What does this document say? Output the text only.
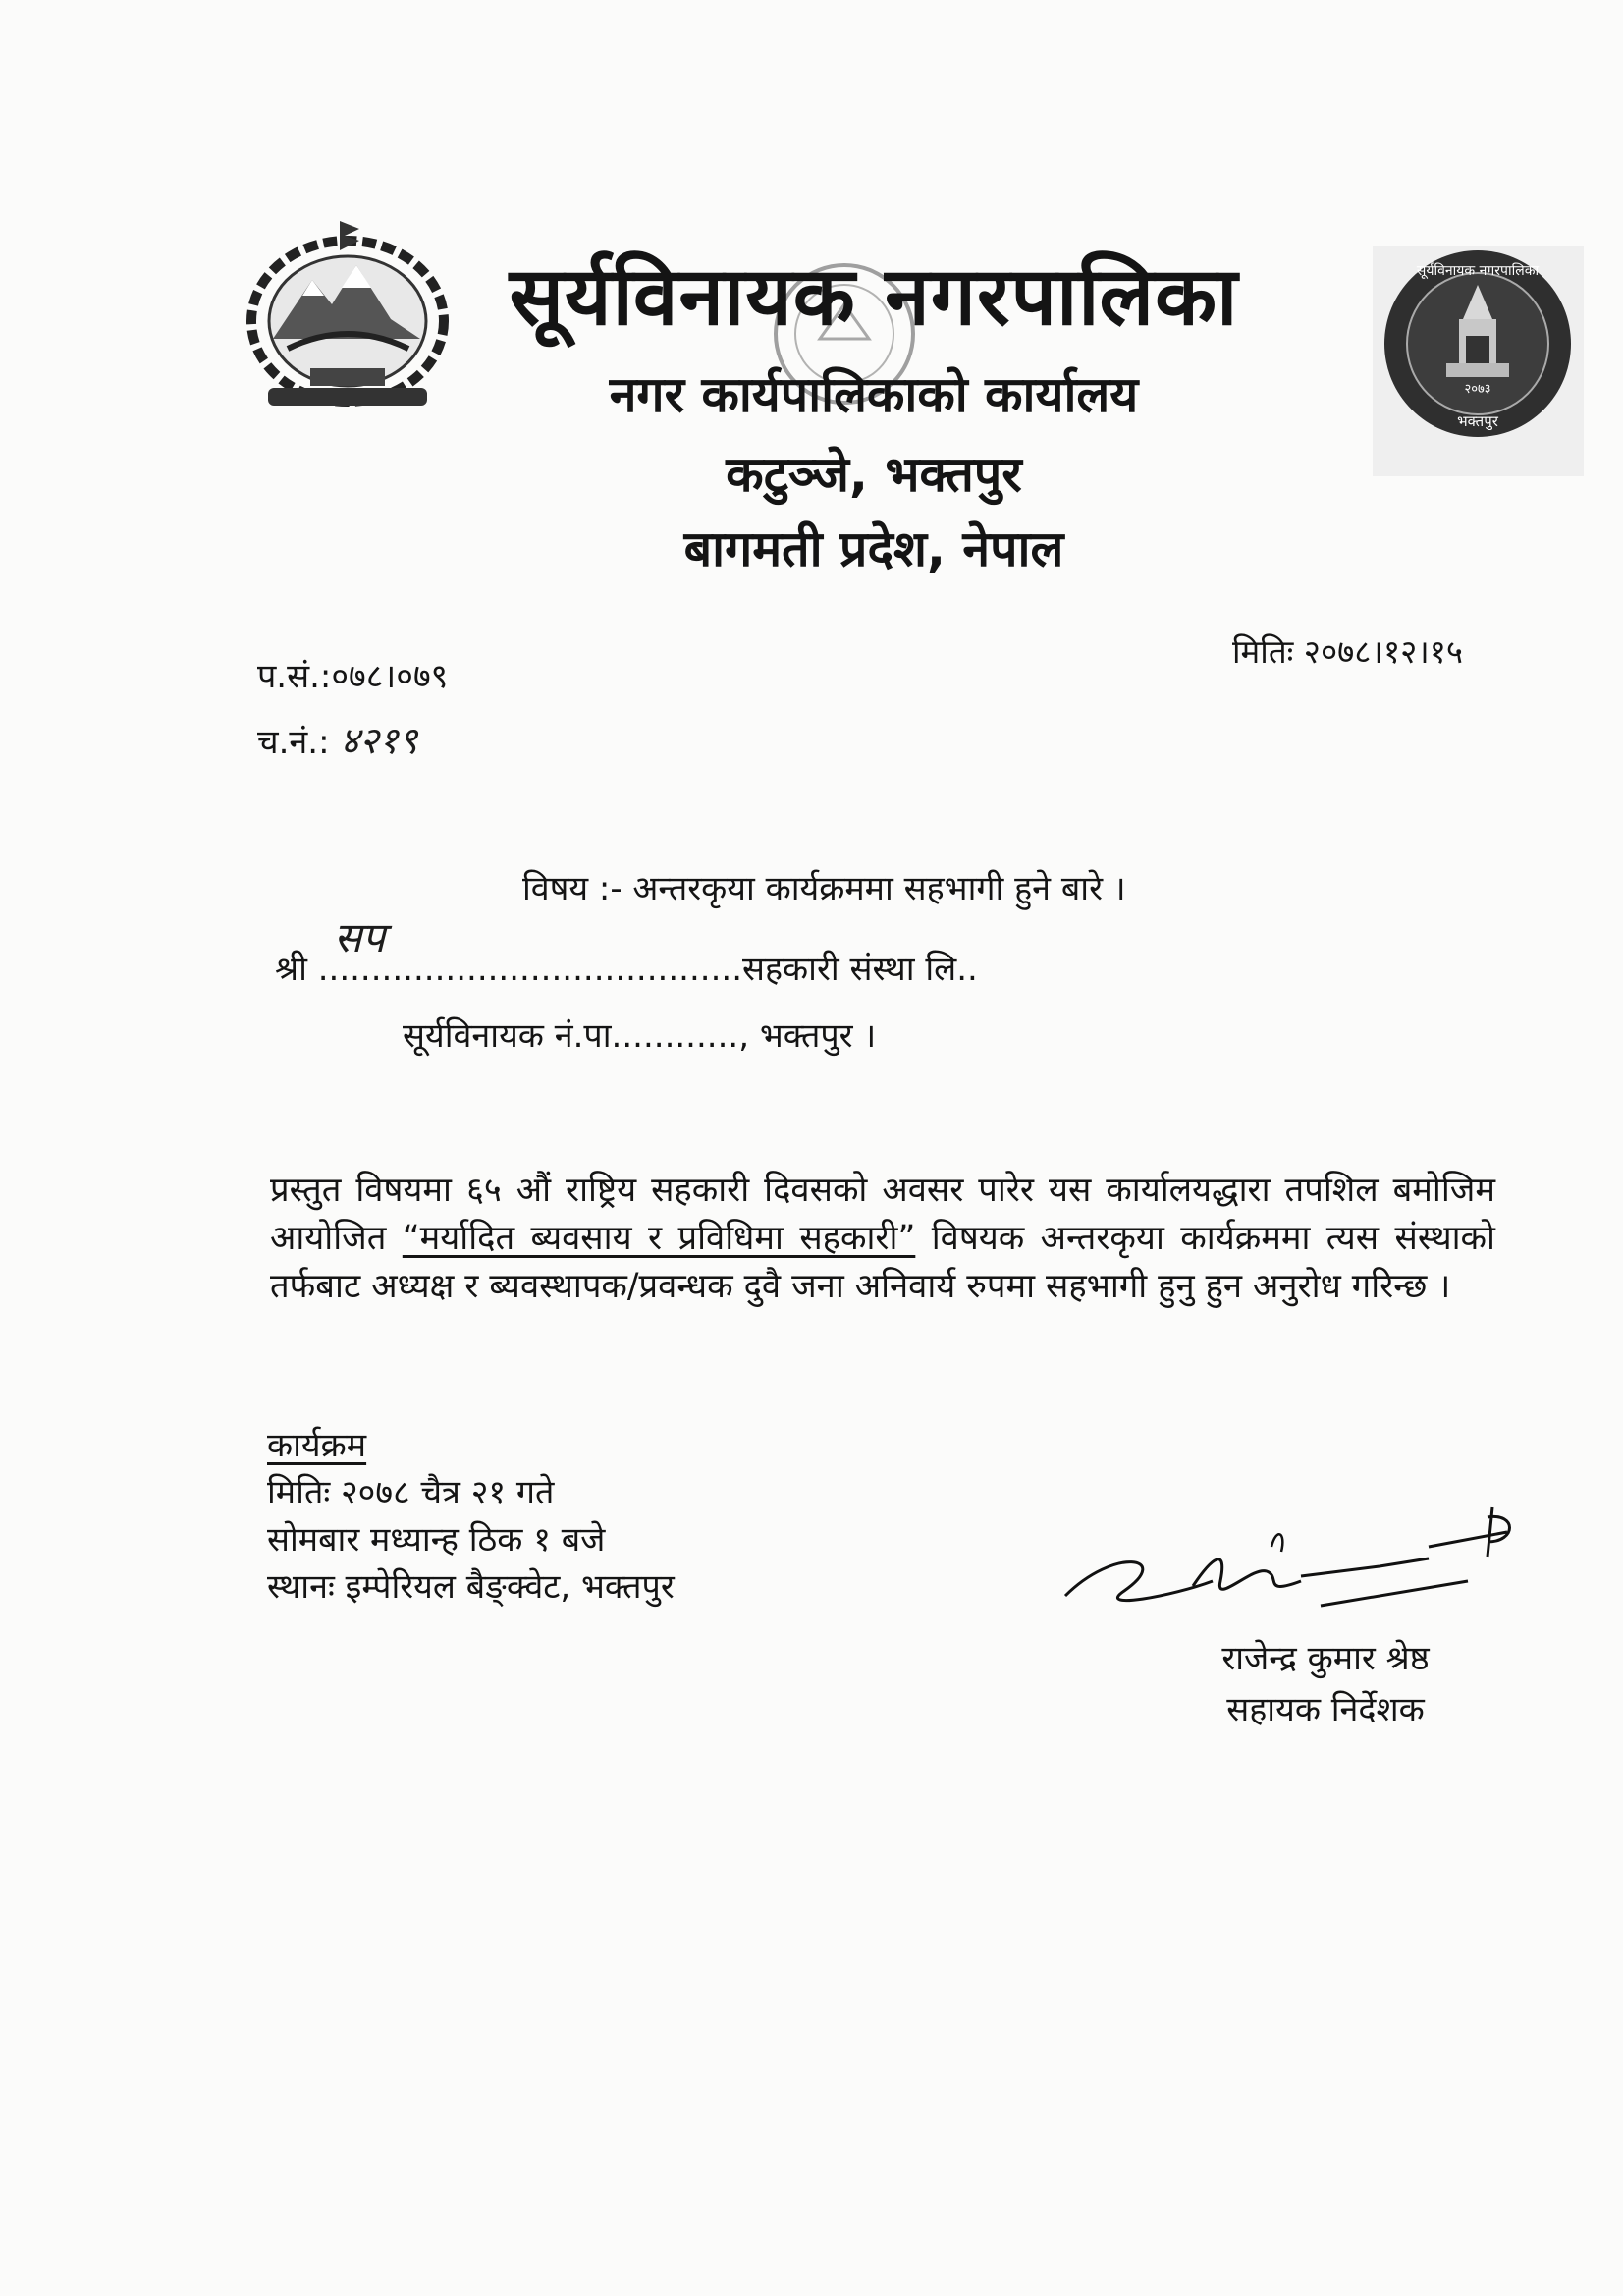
सूर्यविनायक नगरपालिका
नगर कार्यपालिकाको कार्यालय
कटुञ्जे, भक्तपुर
बागमती प्रदेश, नेपाल
२०७३
भक्तपुर
सूर्यविनायक नगरपालिका
प.सं.:०७८।०७९
च.नं.: ४२१९
मितिः २०७८।१२।१५
विषय :- अन्तरकृया कार्यक्रममा सहभागी हुने बारे ।
सप
श्री ........................................सहकारी संस्था लि..
सूर्यविनायक नं.पा............, भक्तपुर ।
प्रस्तुत विषयमा ६५ औं राष्ट्रिय सहकारी दिवसको अवसर पारेर यस कार्यालयद्धारा तपशिल बमोजिम आयोजित “मर्यादित ब्यवसाय र प्रविधिमा सहकारी” विषयक अन्तरकृया कार्यक्रममा त्यस संस्थाको तर्फबाट अध्यक्ष र ब्यवस्थापक/प्रवन्धक दुवै जना अनिवार्य रुपमा सहभागी हुनु हुन अनुरोध गरिन्छ ।
कार्यक्रम
मितिः २०७८ चैत्र २१ गते
सोमबार मध्यान्ह ठिक १ बजे
स्थानः इम्पेरियल बैङ्क्वेट, भक्तपुर
राजेन्द्र कुमार श्रेष्ठ
सहायक निर्देशक
